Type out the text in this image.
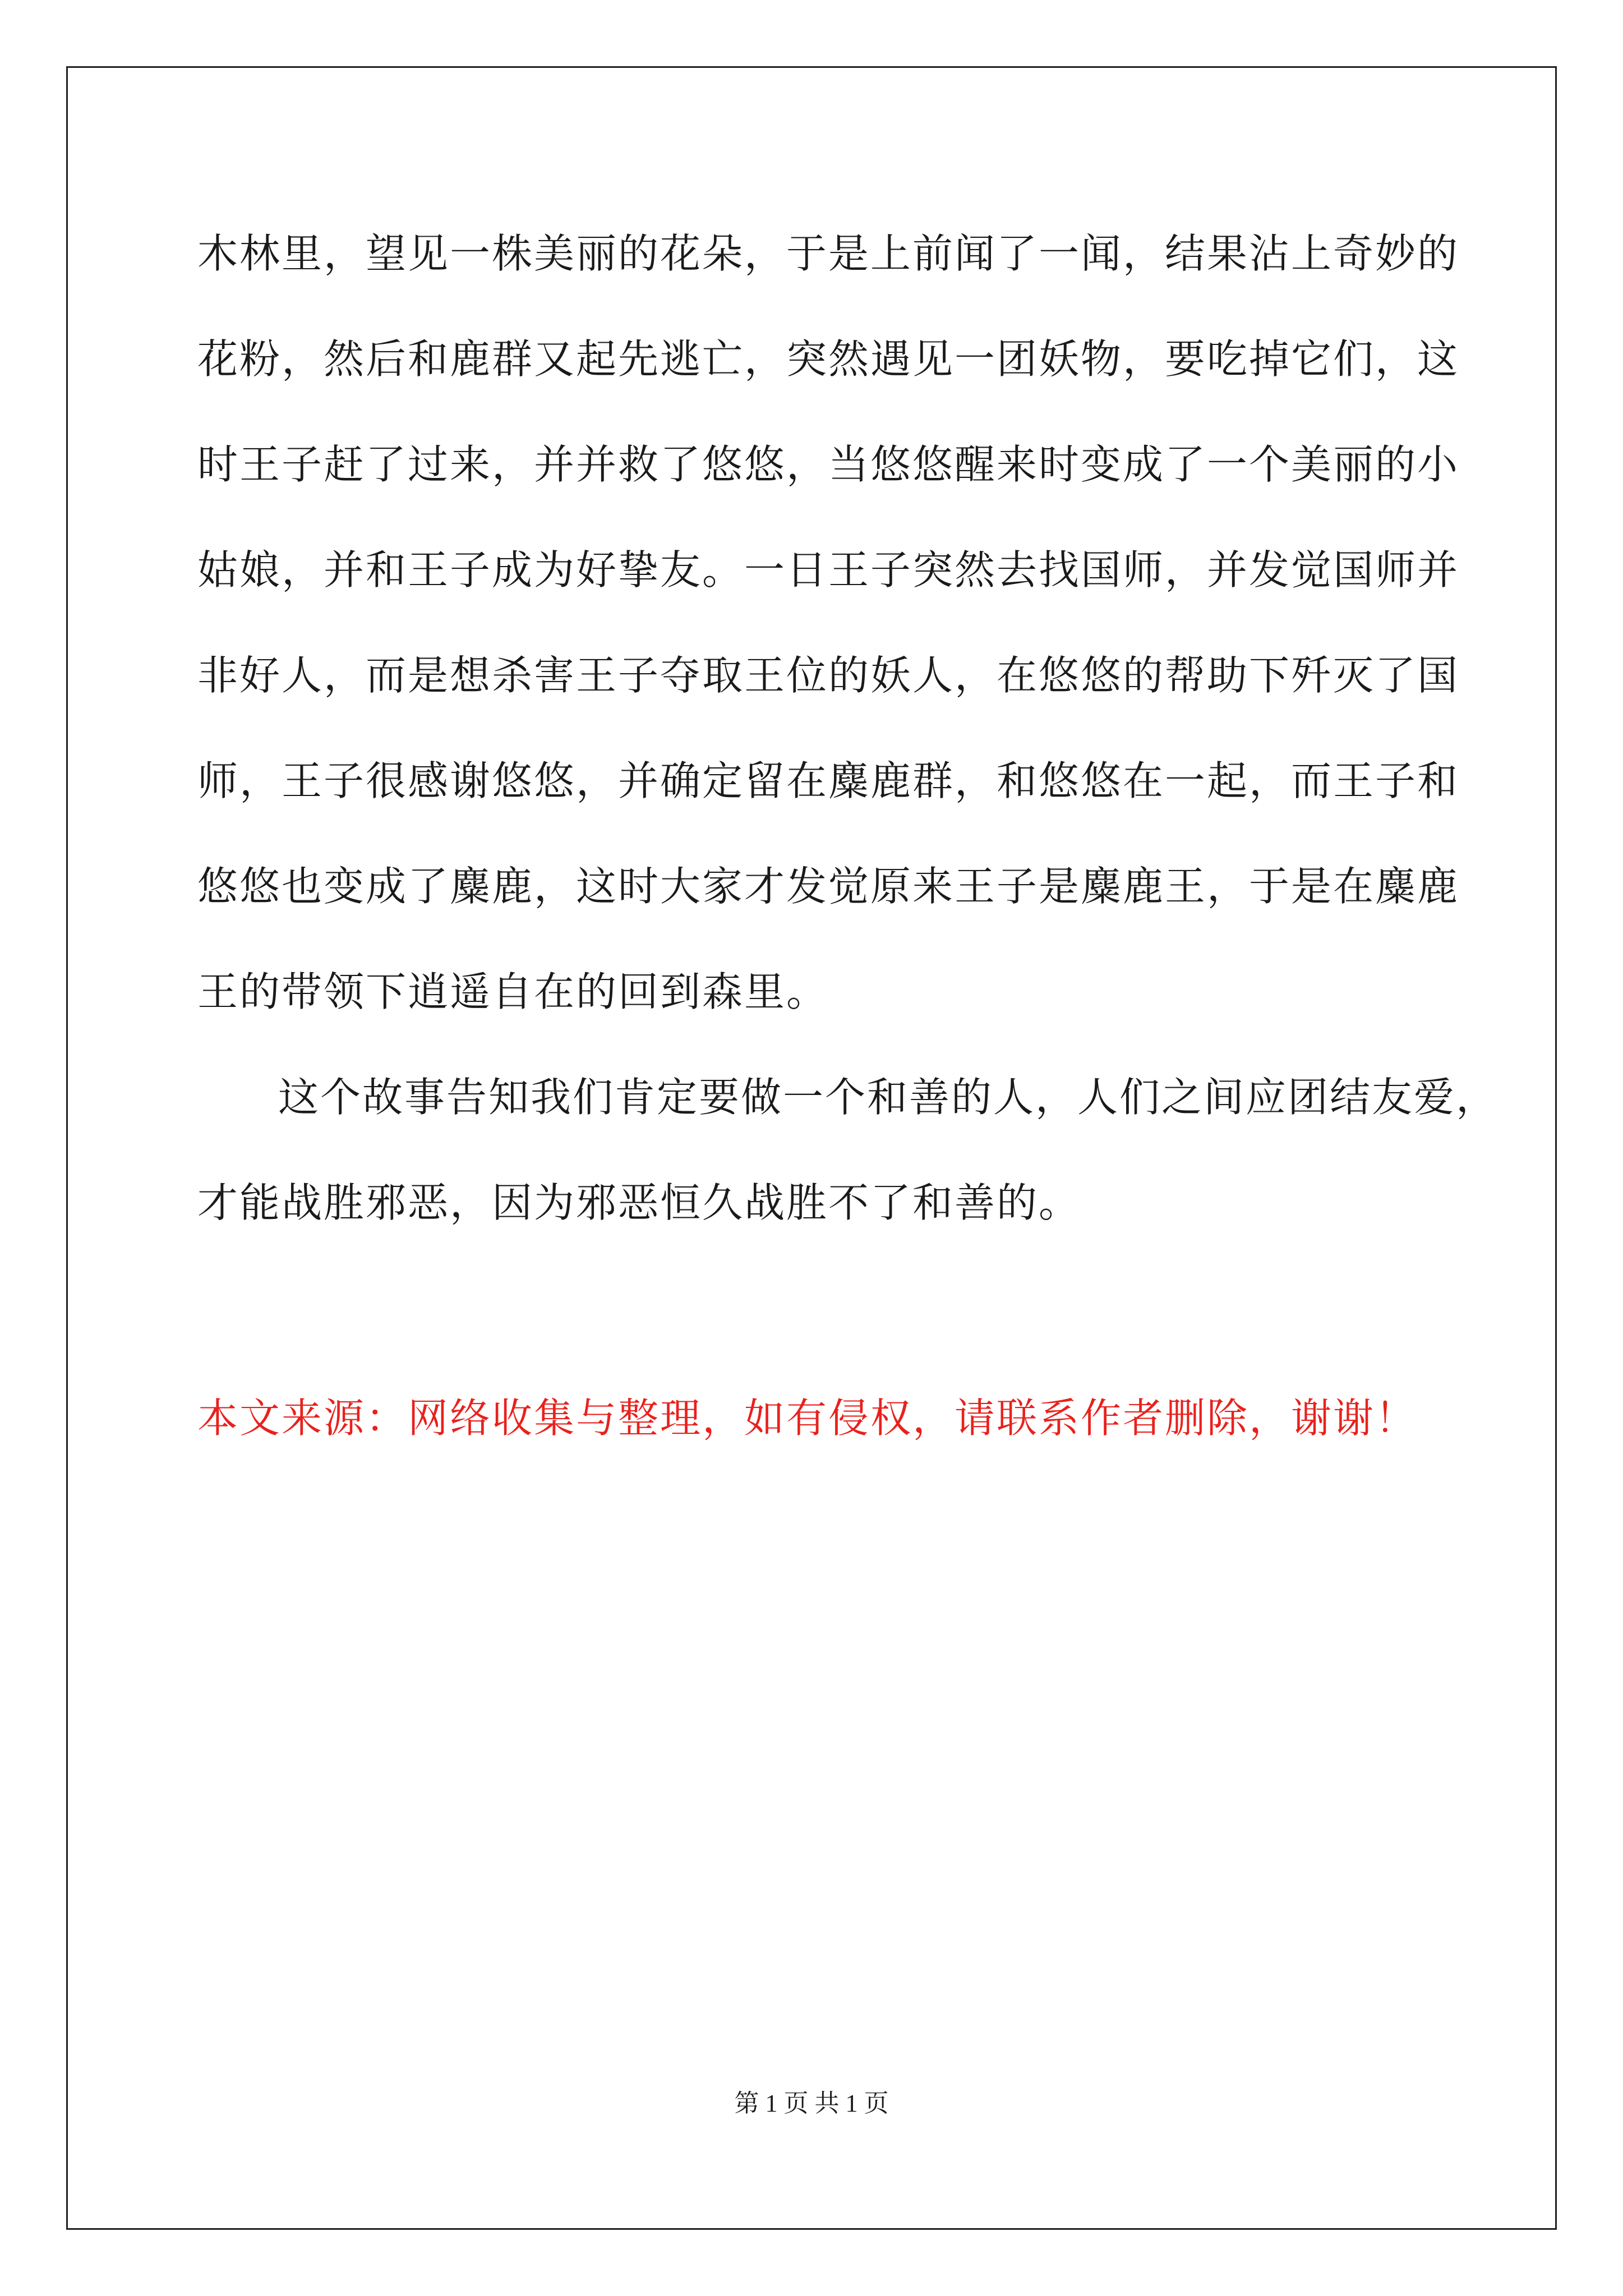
木林里，望见一株美丽的花朵，于是上前闻了一闻，结果沾上奇妙的
花粉，然后和鹿群又起先逃亡，突然遇见一团妖物，要吃掉它们，这
时王子赶了过来，并并救了悠悠，当悠悠醒来时变成了一个美丽的小
姑娘，并和王子成为好挚友。一日王子突然去找国师，并发觉国师并
非好人，而是想杀害王子夺取王位的妖人，在悠悠的帮助下歼灭了国
师，王子很感谢悠悠，并确定留在麋鹿群，和悠悠在一起，而王子和
悠悠也变成了麋鹿，这时大家才发觉原来王子是麋鹿王，于是在麋鹿
王的带领下逍遥自在的回到森里。
这个故事告知我们肯定要做一个和善的人，人们之间应团结友爱，
才能战胜邪恶，因为邪恶恒久战胜不了和善的。
本文来源：网络收集与整理，如有侵权，请联系作者删除，谢谢！
第 1 页 共 1 页
